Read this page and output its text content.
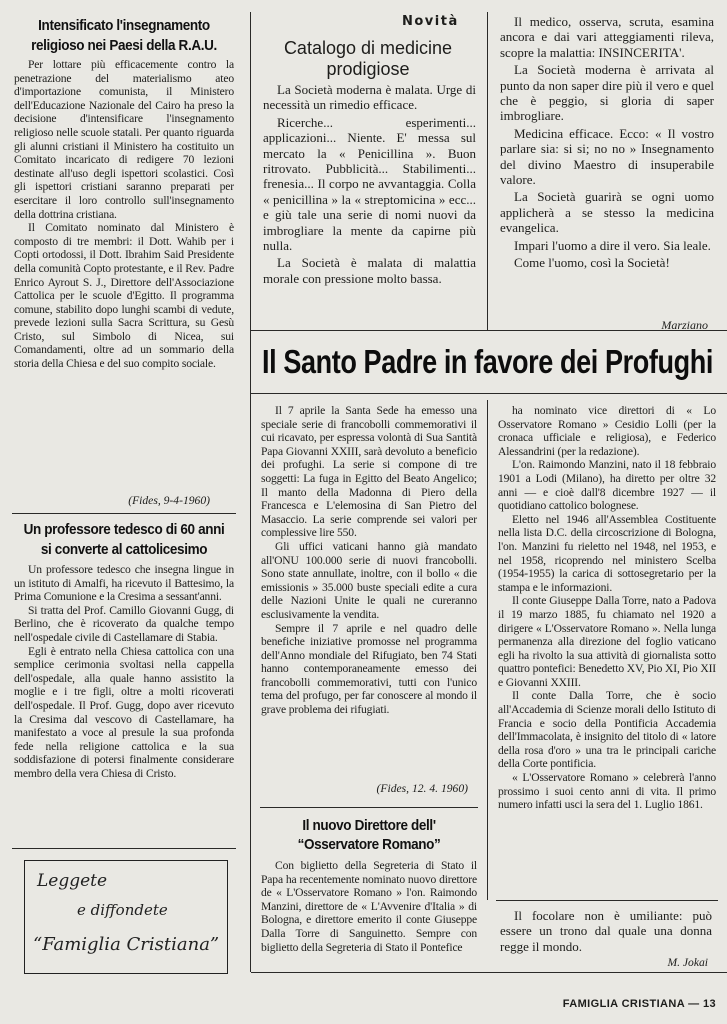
Intensificato l'insegnamento religioso nei Paesi della R.A.U.

Per lottare più efficacemente contro la penetrazione del materialismo ateo d'importazione comunista, il Ministero dell'Educazione Nazionale del Cairo ha preso la decisione d'intensificare l'insegnamento religioso nelle scuole statali. Per quanto riguarda gli alunni cristiani il Ministero ha costituito un Comitato incaricato di redigere 70 lezioni destinate all'uso degli ispettori scolastici. Così gli ispettori cristiani saranno preparati per esercitare il loro controllo sull'insegnamento della dottrina cristiana.

Il Comitato nominato dal Ministero è composto di tre membri: il Dott. Wahib per i Copti ortodossi, il Dott. Ibrahim Said Presidente della comunità Copto protestante, e il Rev. Padre Enrico Ayrout S. J., Direttore dell'Associazione Cattolica per le scuole d'Egitto. Il programma comune, stabilito dopo lunghi scambi di vedute, prevede lezioni sulla Sacra Scrittura, su Gesù Cristo, sul Simbolo di Nicea, sui Comandamenti, oltre ad un sommario della storia della Chiesa e del suo compito sociale.

(Fides, 9-4-1960)
Un professore tedesco di 60 anni si converte al cattolicesimo

Un professore tedesco che insegna lingue in un istituto di Amalfi, ha ricevuto il Battesimo, la Prima Comunione e la Cresima a sessant'anni.

Si tratta del Prof. Camillo Giovanni Gugg, di Berlino, che è ricoverato da qualche tempo nell'ospedale civile di Castellamare di Stabia.

Egli è entrato nella Chiesa cattolica con una semplice cerimonia svoltasi nella cappella dell'ospedale, alla quale hanno assistito la moglie e i tre figli, oltre a molti ricoverati dell'ospedale. Il Prof. Gugg, dopo aver ricevuto la Cresima dal vescovo di Castellamare, ha manifestato a voce al presule la sua profonda fede nella religione cattolica e la sua soddisfazione di potersi finalmente considerare membro della vera Chiesa di Cristo.

Leggete
e diffondete
“Famiglia Cristiana”
Novità
Catalogo di medicine prodigiose

La Società moderna è malata. Urge di necessità un rimedio efficace.

Ricerche... esperimenti... applicazioni... Niente. E' messa sul mercato la « Penicillina ». Buon ritrovato. Pubblicità... Stabilimenti... frenesia... Il corpo ne avvantaggia. Colla « penicillina » la « streptomicina » ecc... e giù tale una serie di nomi nuovi da imbrogliare la mente da capirne più nulla.

La Società è malata di malattia morale con pressione molto bassa.

Il medico, osserva, scruta, esamina ancora e dai vari atteggiamenti rileva, scopre la malattia: INSINCERITA'.

La Società moderna è arrivata al punto da non saper dire più il vero e quel che è peggio, si gloria di saper imbrogliare.

Medicina efficace. Ecco: « Il vostro parlare sia: si si; no no » Insegnamento del divino Maestro di insuperabile valore.

La Società guarirà se ogni uomo applicherà a se stesso la medicina evangelica.

Impari l'uomo a dire il vero. Sia leale.

Come l'uomo, così la Società!

Marziano
Il Santo Padre in favore dei Profughi

Il 7 aprile la Santa Sede ha emesso una speciale serie di francobolli commemorativi il cui ricavato, per espressa volontà di Sua Santità Papa Giovanni XXIII, sarà devoluto a beneficio dei profughi. La serie si compone di tre soggetti: La fuga in Egitto del Beato Angelico; Il manto della Madonna di Piero della Francesca e L'elemosina di San Pietro del Masaccio. La serie comprende sei valori per complessive lire 550.

Gli uffici vaticani hanno già mandato all'ONU 100.000 serie di nuovi francobolli. Sono state annullate, inoltre, con il bollo « die emissionis » 35.000 buste speciali edite a cura delle Nazioni Unite le quali ne cureranno esclusivamente la vendita.

Sempre il 7 aprile e nel quadro delle benefiche iniziative promosse nel programma dell'Anno mondiale del Rifugiato, ben 74 Stati hanno contemporaneamente emesso dei francobolli commemorativi, tutti con l'unico tema del profugo, per far conoscere al mondo il grave problema dei rifugiati.

(Fides, 12. 4. 1960)
Il nuovo Direttore dell' “Osservatore Romano”

Con biglietto della Segreteria di Stato il Papa ha recentemente nominato nuovo direttore de « L'Osservatore Romano » l'on. Raimondo Manzini, direttore de « L'Avvenire d'Italia » di Bologna, e direttore emerito il conte Giuseppe Dalla Torre di Sanguinetto. Sempre con biglietto della Segreteria di Stato il Pontefice

ha nominato vice direttori di « Lo Osservatore Romano » Cesidio Lolli (per la cronaca ufficiale e religiosa), e Federico Alessandrini (per la redazione).

L'on. Raimondo Manzini, nato il 18 febbraio 1901 a Lodi (Milano), ha diretto per oltre 32 anni — e cioè dall'8 dicembre 1927 — il quotidiano cattolico bolognese.

Eletto nel 1946 all'Assemblea Costituente nella lista D.C. della circoscrizione di Bologna, l'on. Manzini fu rieletto nel 1948, nel 1953, e nel 1958, ricoprendo nel ministero Scelba (1954-1955) la carica di sottosegretario per la stampa e le informazioni.

Il conte Giuseppe Dalla Torre, nato a Padova il 19 marzo 1885, fu chiamato nel 1920 a dirigere « L'Osservatore Romano ». Nella lunga permanenza alla direzione del foglio vaticano egli ha rivolto la sua attività di giornalista sotto quattro pontefici: Benedetto XV, Pio XI, Pio XII e Giovanni XXIII.

Il conte Dalla Torre, che è socio all'Accademia di Scienze morali dello Istituto di Francia e socio della Pontificia Accademia dell'Immacolata, è insignito del titolo di « latore della rosa d'oro » una tra le principali cariche della Corte pontificia.

« L'Osservatore Romano » celebrerà l'anno prossimo i suoi cento anni di vita. Il primo numero infatti usci la sera del 1. Luglio 1861.

Il focolare non è umiliante: può essere un trono dal quale una donna regge il mondo.

M. Jokai
FAMIGLIA CRISTIANA — 13
